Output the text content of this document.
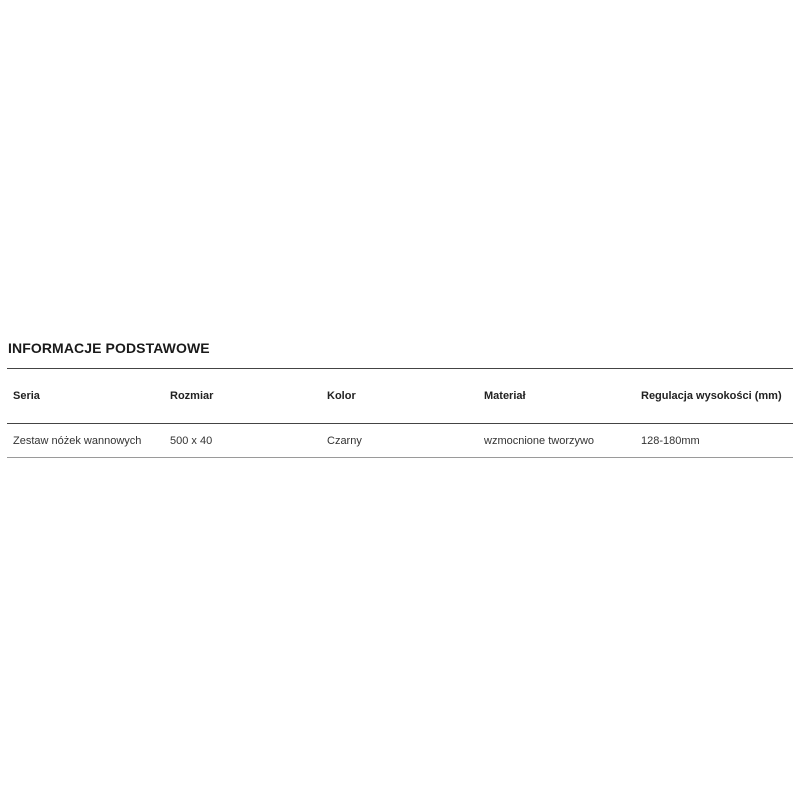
INFORMACJE PODSTAWOWE
Seria	Rozmiar	Kolor	Materiał	Regulacja wysokości (mm)
Zestaw nóżek wannowych	500 x 40	Czarny	wzmocnione tworzywo	128-180mm
